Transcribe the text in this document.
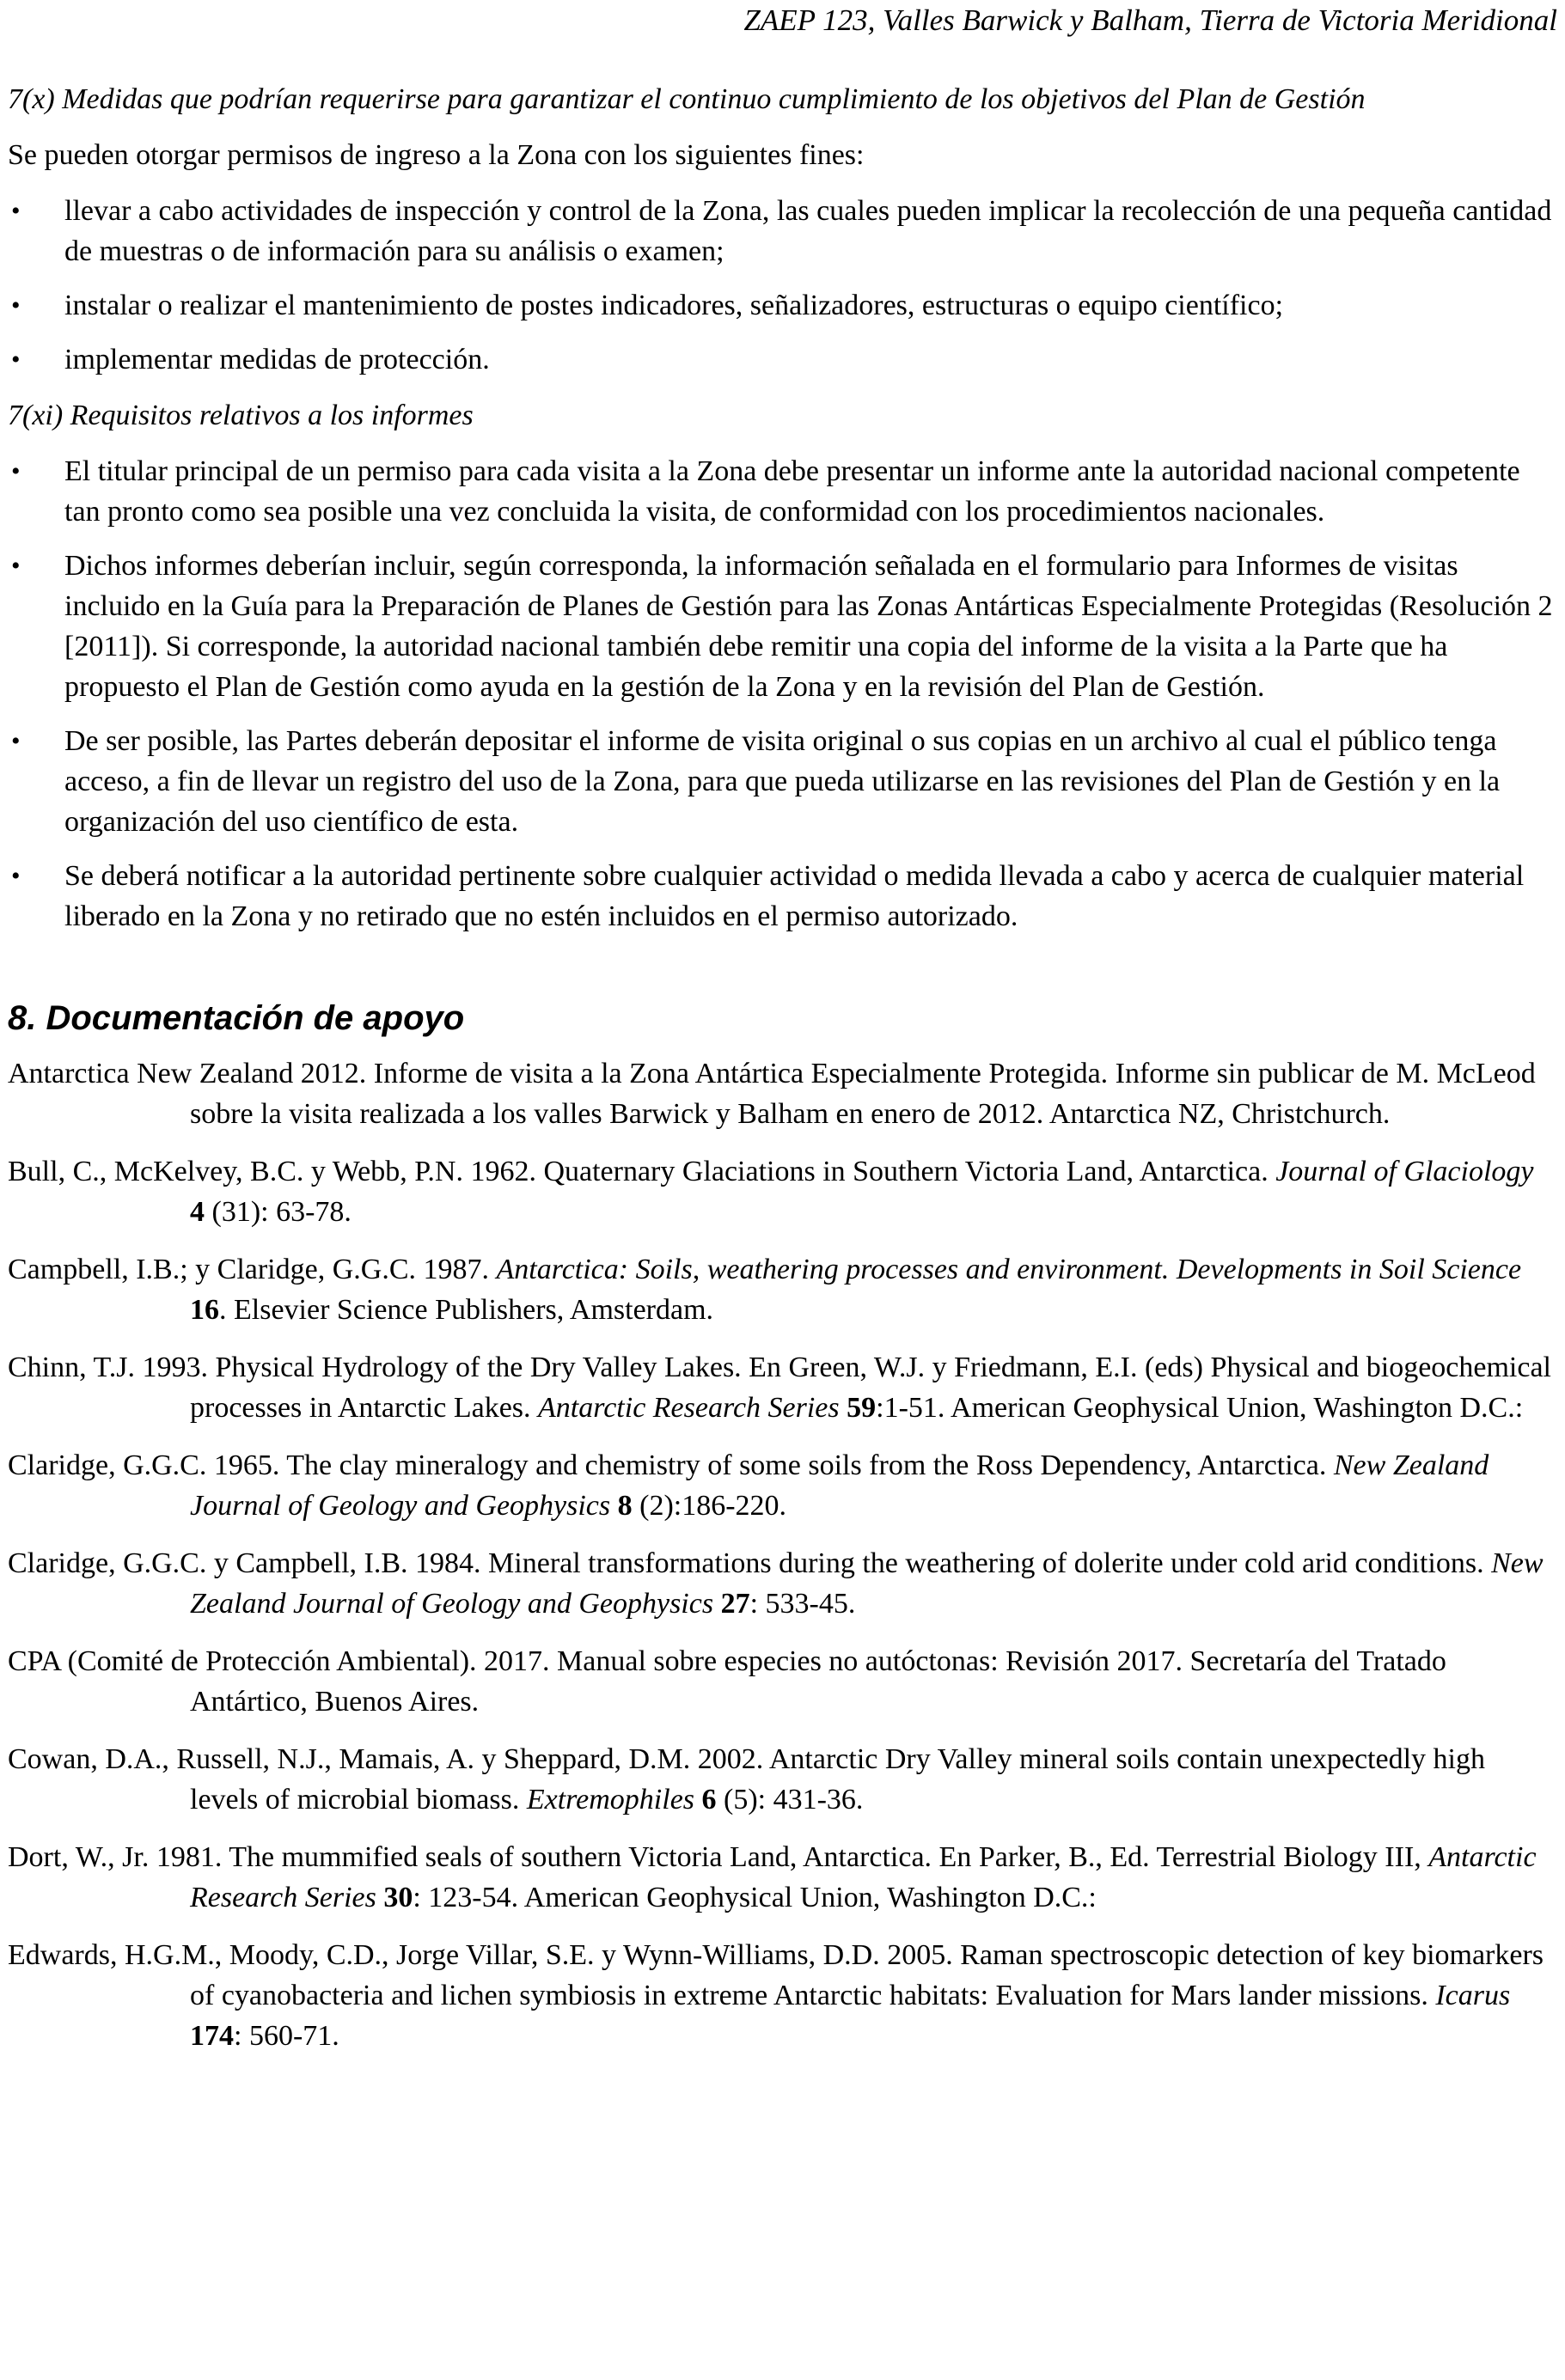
ZAEP 123, Valles Barwick y Balham, Tierra de Victoria Meridional

7(x) Medidas que podrían requerirse para garantizar el continuo cumplimiento de los objetivos del Plan de Gestión

Se pueden otorgar permisos de ingreso a la Zona con los siguientes fines:

• llevar a cabo actividades de inspección y control de la Zona, las cuales pueden implicar la recolección de una pequeña cantidad de muestras o de información para su análisis o examen;
• instalar o realizar el mantenimiento de postes indicadores, señalizadores, estructuras o equipo científico;
• implementar medidas de protección.

7(xi) Requisitos relativos a los informes

• El titular principal de un permiso para cada visita a la Zona debe presentar un informe ante la autoridad nacional competente tan pronto como sea posible una vez concluida la visita, de conformidad con los procedimientos nacionales.
• Dichos informes deberían incluir, según corresponda, la información señalada en el formulario para Informes de visitas incluido en la Guía para la Preparación de Planes de Gestión para las Zonas Antárticas Especialmente Protegidas (Resolución 2 [2011]). Si corresponde, la autoridad nacional también debe remitir una copia del informe de la visita a la Parte que ha propuesto el Plan de Gestión como ayuda en la gestión de la Zona y en la revisión del Plan de Gestión.
• De ser posible, las Partes deberán depositar el informe de visita original o sus copias en un archivo al cual el público tenga acceso, a fin de llevar un registro del uso de la Zona, para que pueda utilizarse en las revisiones del Plan de Gestión y en la organización del uso científico de esta.
• Se deberá notificar a la autoridad pertinente sobre cualquier actividad o medida llevada a cabo y acerca de cualquier material liberado en la Zona y no retirado que no estén incluidos en el permiso autorizado.
8. Documentación de apoyo

Antarctica New Zealand 2012. Informe de visita a la Zona Antártica Especialmente Protegida. Informe sin publicar de M. McLeod sobre la visita realizada a los valles Barwick y Balham en enero de 2012. Antarctica NZ, Christchurch.

Bull, C., McKelvey, B.C. y Webb, P.N. 1962. Quaternary Glaciations in Southern Victoria Land, Antarctica. Journal of Glaciology 4 (31): 63-78.

Campbell, I.B.; y Claridge, G.G.C. 1987. Antarctica: Soils, weathering processes and environment. Developments in Soil Science 16. Elsevier Science Publishers, Amsterdam.

Chinn, T.J. 1993. Physical Hydrology of the Dry Valley Lakes. En Green, W.J. y Friedmann, E.I. (eds) Physical and biogeochemical processes in Antarctic Lakes. Antarctic Research Series 59:1-51. American Geophysical Union, Washington D.C.:

Claridge, G.G.C. 1965. The clay mineralogy and chemistry of some soils from the Ross Dependency, Antarctica. New Zealand Journal of Geology and Geophysics 8 (2):186-220.

Claridge, G.G.C. y Campbell, I.B. 1984. Mineral transformations during the weathering of dolerite under cold arid conditions. New Zealand Journal of Geology and Geophysics 27: 533-45.

CPA (Comité de Protección Ambiental). 2017. Manual sobre especies no autóctonas: Revisión 2017. Secretaría del Tratado Antártico, Buenos Aires.

Cowan, D.A., Russell, N.J., Mamais, A. y Sheppard, D.M. 2002. Antarctic Dry Valley mineral soils contain unexpectedly high levels of microbial biomass. Extremophiles 6 (5): 431-36.

Dort, W., Jr. 1981. The mummified seals of southern Victoria Land, Antarctica. En Parker, B., Ed. Terrestrial Biology III, Antarctic Research Series 30: 123-54. American Geophysical Union, Washington D.C.:

Edwards, H.G.M., Moody, C.D., Jorge Villar, S.E. y Wynn-Williams, D.D. 2005. Raman spectroscopic detection of key biomarkers of cyanobacteria and lichen symbiosis in extreme Antarctic habitats: Evaluation for Mars lander missions. Icarus 174: 560-71.
